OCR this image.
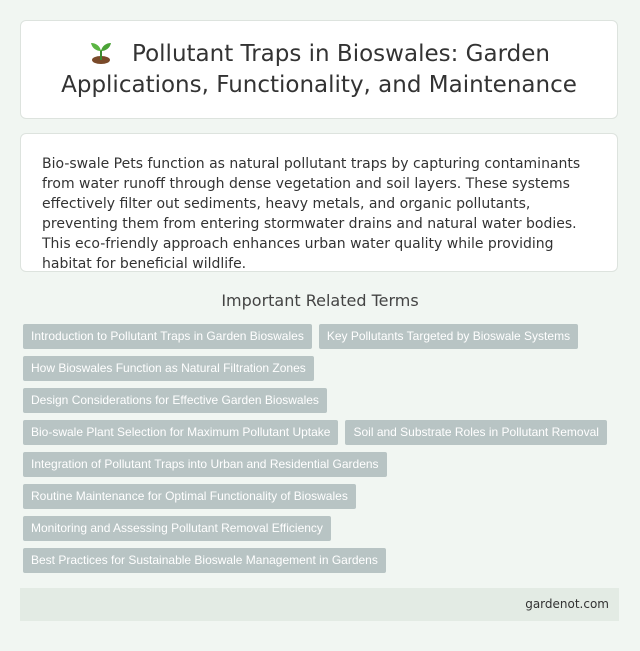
Pollutant Traps in Bioswales: Garden Applications, Functionality, and Maintenance

Bio-swale Pets function as natural pollutant traps by capturing contaminants from water runoff through dense vegetation and soil layers. These systems effectively filter out sediments, heavy metals, and organic pollutants, preventing them from entering stormwater drains and natural water bodies. This eco-friendly approach enhances urban water quality while providing habitat for beneficial wildlife.

Important Related Terms
Introduction to Pollutant Traps in Garden Bioswales	Key Pollutants Targeted by Bioswale Systems
How Bioswales Function as Natural Filtration Zones
Design Considerations for Effective Garden Bioswales
Bio-swale Plant Selection for Maximum Pollutant Uptake	Soil and Substrate Roles in Pollutant Removal
Integration of Pollutant Traps into Urban and Residential Gardens
Routine Maintenance for Optimal Functionality of Bioswales
Monitoring and Assessing Pollutant Removal Efficiency
Best Practices for Sustainable Bioswale Management in Gardens
gardenot.com
